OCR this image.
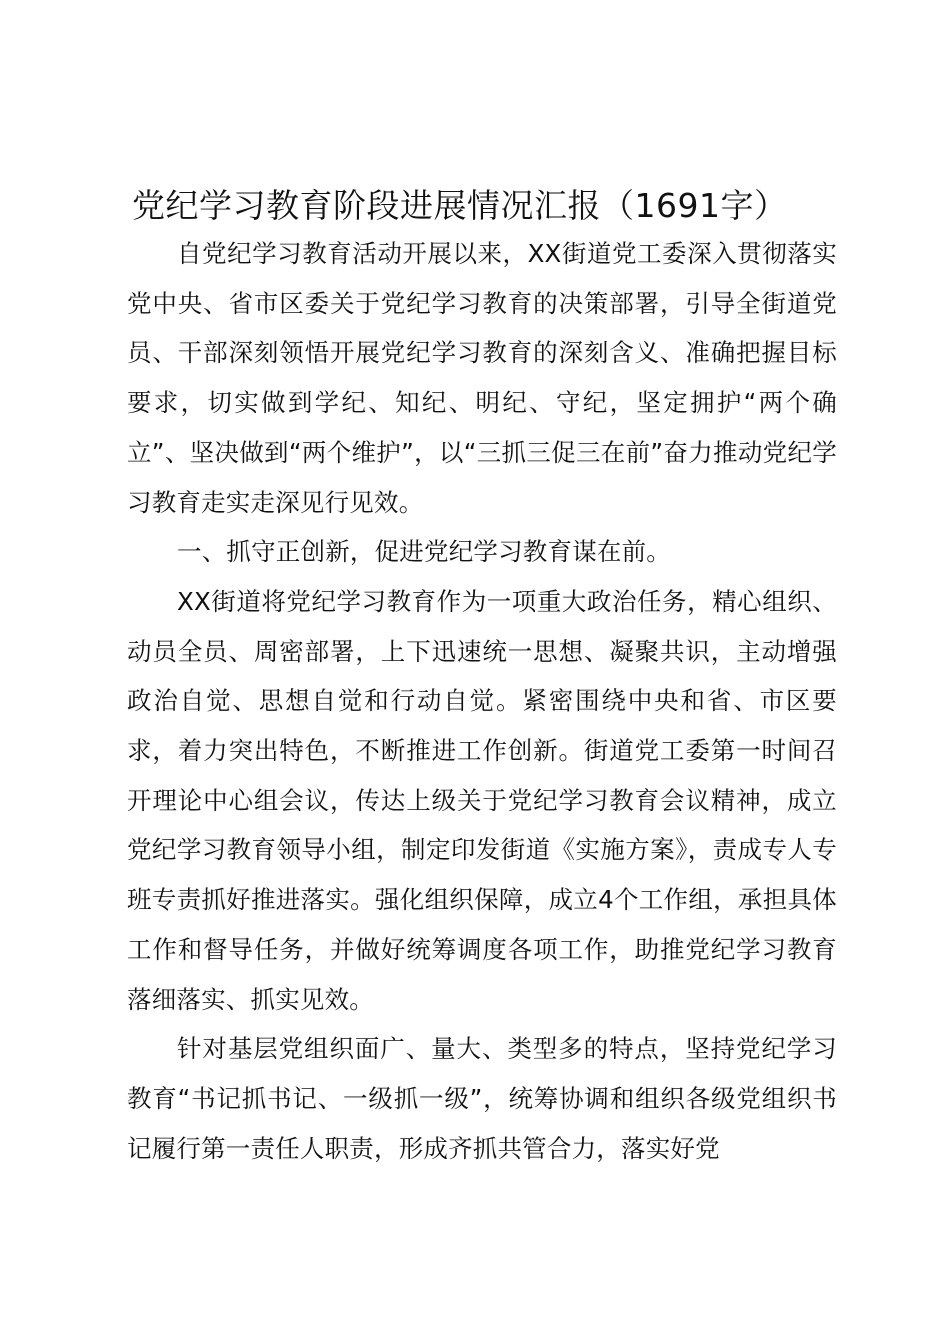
党纪学习教育阶段进展情况汇报（1691字）

自党纪学习教育活动开展以来，XX街道党工委深入贯彻落实党中央、省市区委关于党纪学习教育的决策部署，引导全街道党员、干部深刻领悟开展党纪学习教育的深刻含义、准确把握目标要求，切实做到学纪、知纪、明纪、守纪，坚定拥护“两个确立”、坚决做到“两个维护”，以“三抓三促三在前”奋力推动党纪学习教育走实走深见行见效。

一、抓守正创新，促进党纪学习教育谋在前。

XX街道将党纪学习教育作为一项重大政治任务，精心组织、动员全员、周密部署，上下迅速统一思想、凝聚共识，主动增强政治自觉、思想自觉和行动自觉。紧密围绕中央和省、市区要求，着力突出特色，不断推进工作创新。街道党工委第一时间召开理论中心组会议，传达上级关于党纪学习教育会议精神，成立党纪学习教育领导小组，制定印发街道《实施方案》，责成专人专班专责抓好推进落实。强化组织保障，成立4个工作组，承担具体工作和督导任务，并做好统筹调度各项工作，助推党纪学习教育落细落实、抓实见效。

针对基层党组织面广、量大、类型多的特点，坚持党纪学习教育“书记抓书记、一级抓一级”，统筹协调和组织各级党组织书记履行第一责任人职责，形成齐抓共管合力，落实好党
